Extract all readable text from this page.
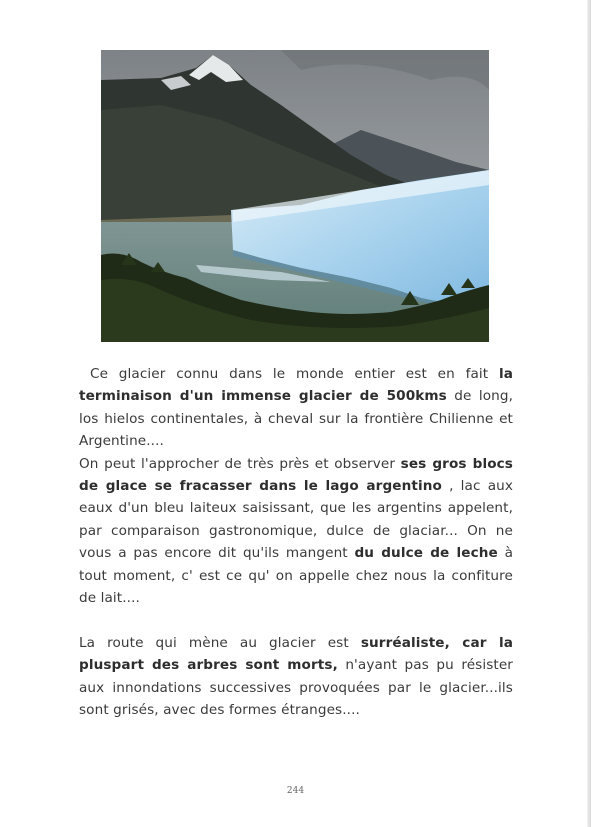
Ce glacier connu dans le monde entier est en fait la terminaison d'un immense glacier de 500kms de long, los hielos continentales, à cheval sur la frontière Chilienne et Argentine....

On peut l'approcher de très près et observer ses gros blocs de glace se fracasser dans le lago argentino , lac aux eaux d'un bleu laiteux saisissant, que les argentins appelent, par comparaison gastronomique, dulce de glaciar... On ne vous a pas encore dit qu'ils mangent du dulce de leche à tout moment, c' est ce qu' on appelle chez nous la confiture de lait....

La route qui mène au glacier est surréaliste, car la pluspart des arbres sont morts, n'ayant pas pu résister aux innondations successives provoquées par le glacier...ils sont grisés, avec des formes étranges....

244
